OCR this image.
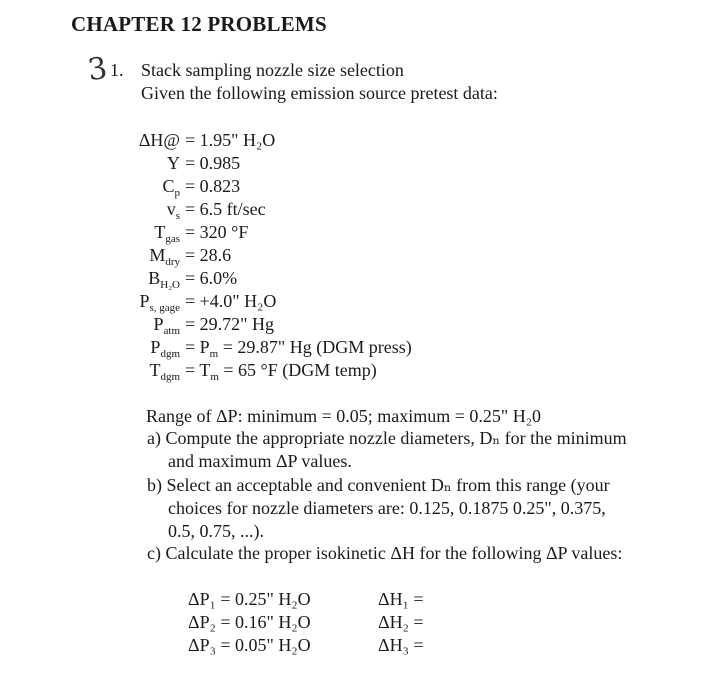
CHAPTER 12 PROBLEMS
3 1. Stack sampling nozzle size selection
Given the following emission source pretest data:
ΔH@ = 1.95" H₂O
Y = 0.985
$C_p = 0.823$
$v_s = 6.5$ ft/sec
$T_{gas} = 320$ °F
$M_{dry} = 28.6$
$B_{H_2O} = 6.0\%$
$P_{s, gage} = +4.0$" H₂O
$P_{atm} = 29.72$" Hg
$P_{dgm} = P_m = 29.87$" Hg (DGM press)
$T_{dgm} = T_m = 65$ °F (DGM temp)
Range of ΔP: minimum = 0.05; maximum = 0.25" H₂0
a) Compute the appropriate nozzle diameters, Dₙ for the minimum
and maximum ΔP values.
b) Select an acceptable and convenient Dₙ from this range (your
choices for nozzle diameters are: 0.125, 0.1875 0.25", 0.375,
0.5, 0.75, ...).
c) Calculate the proper isokinetic ΔH for the following ΔP values:
ΔP₁ = 0.25" H₂O	ΔH₁ =
ΔP₂ = 0.16" H₂O	ΔH₂ =
ΔP₃ = 0.05" H₂O	ΔH₃ =
